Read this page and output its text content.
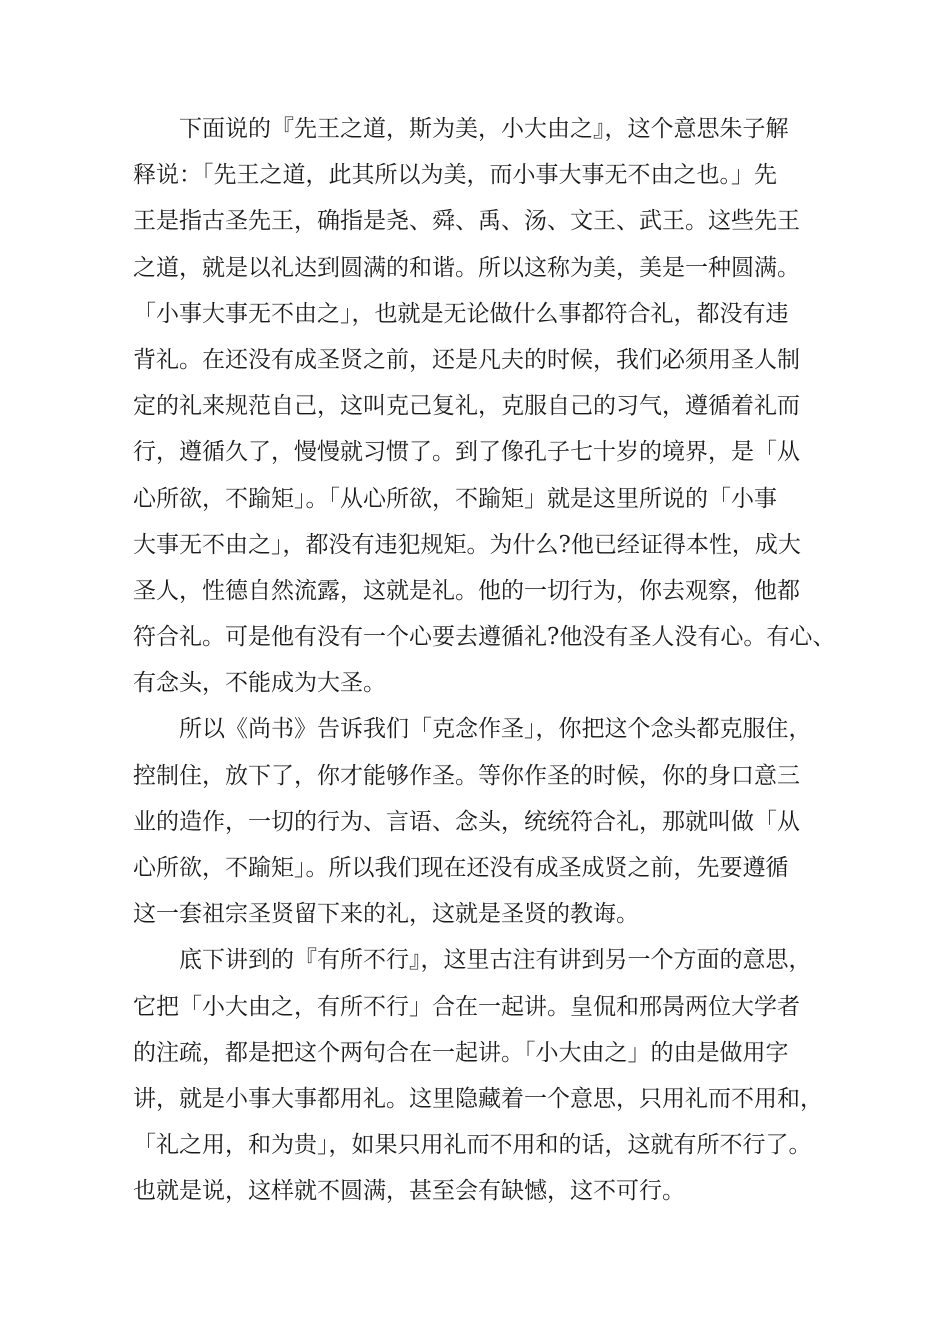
下面说的『先王之道，斯为美，小大由之』，这个意思朱子解
释说：「先王之道，此其所以为美，而小事大事无不由之也。」先
王是指古圣先王，确指是尧、舜、禹、汤、文王、武王。这些先王
之道，就是以礼达到圆满的和谐。所以这称为美，美是一种圆满。
「小事大事无不由之」，也就是无论做什么事都符合礼，都没有违
背礼。在还没有成圣贤之前，还是凡夫的时候，我们必须用圣人制
定的礼来规范自己，这叫克己复礼，克服自己的习气，遵循着礼而
行，遵循久了，慢慢就习惯了。到了像孔子七十岁的境界，是「从
心所欲，不踰矩」。「从心所欲，不踰矩」就是这里所说的「小事
大事无不由之」，都没有违犯规矩。为什么?他已经证得本性，成大
圣人，性德自然流露，这就是礼。他的一切行为，你去观察，他都
符合礼。可是他有没有一个心要去遵循礼?他没有圣人没有心。有心、
有念头，不能成为大圣。
所以《尚书》告诉我们「克念作圣」，你把这个念头都克服住，
控制住，放下了，你才能够作圣。等你作圣的时候，你的身口意三
业的造作，一切的行为、言语、念头，统统符合礼，那就叫做「从
心所欲，不踰矩」。所以我们现在还没有成圣成贤之前，先要遵循
这一套祖宗圣贤留下来的礼，这就是圣贤的教诲。
底下讲到的『有所不行』，这里古注有讲到另一个方面的意思，
它把「小大由之，有所不行」合在一起讲。皇侃和邢昺两位大学者
的注疏，都是把这个两句合在一起讲。「小大由之」的由是做用字
讲，就是小事大事都用礼。这里隐藏着一个意思，只用礼而不用和，
「礼之用，和为贵」，如果只用礼而不用和的话，这就有所不行了。
也就是说，这样就不圆满，甚至会有缺憾，这不可行。
